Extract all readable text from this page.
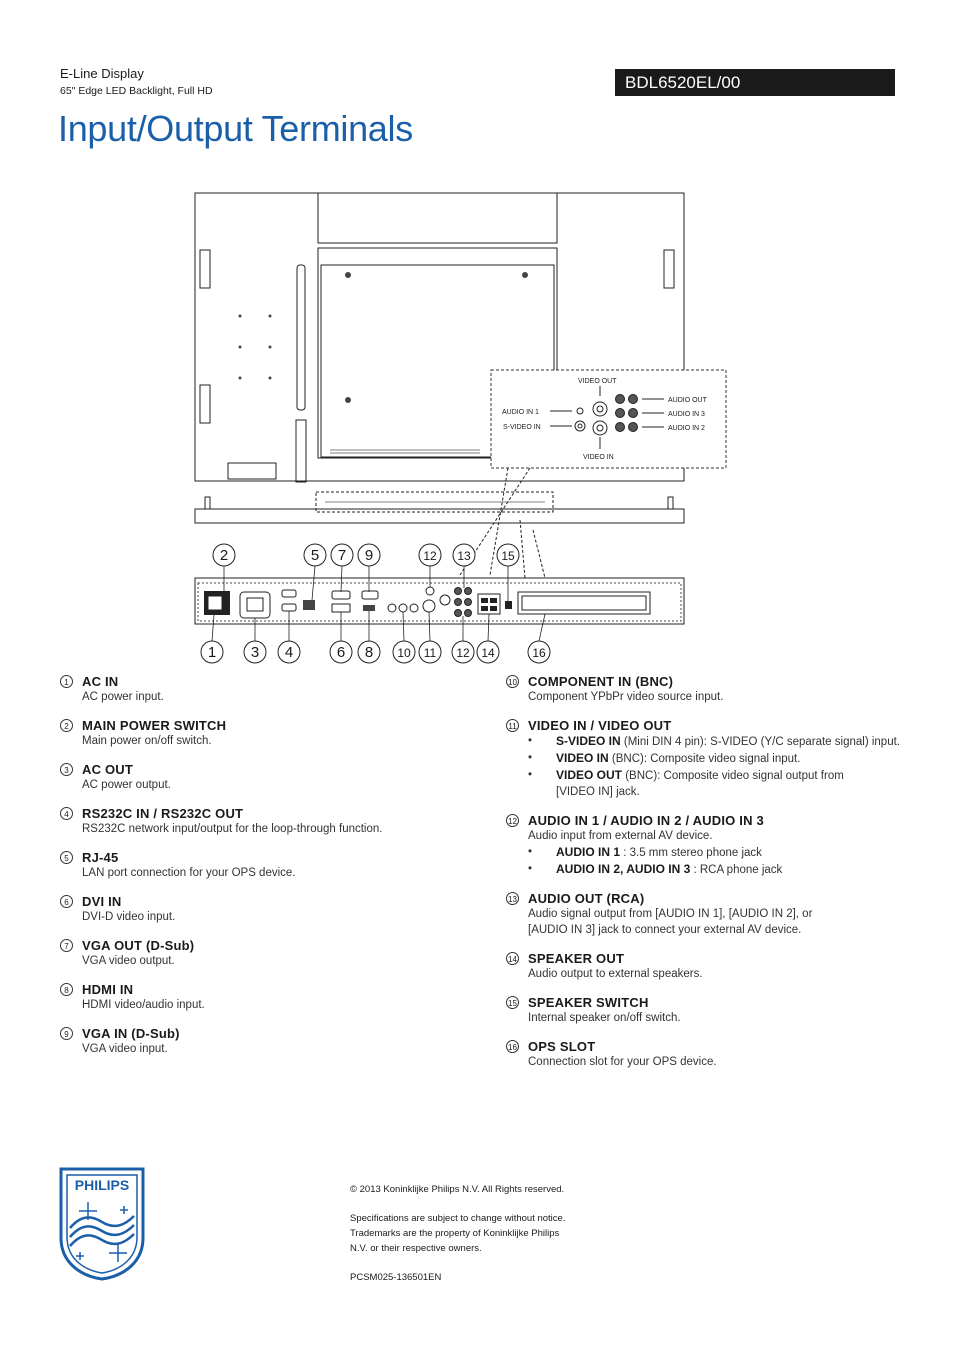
E-Line Display
65" Edge LED Backlight, Full HD	BDL6520EL/00
Input/Output Terminals
VIDEO OUT
VIDEO IN
AUDIO OUT
AUDIO IN 3
AUDIO IN 2
AUDIO IN 1
S-VIDEO IN
2	5 7 9	12 13	15
1 3 4	6 8 10 11 12 14	16
1	AC IN
AC power input.
2	MAIN POWER SWITCH
Main power on/off switch.
3	AC OUT
AC power output.
4	RS232C IN / RS232C OUT
RS232C network input/output for the loop-through function.
5	RJ-45
LAN port connection for your OPS device.
6	DVI IN
DVI-D video input.
7	VGA OUT (D-Sub)
VGA video output.
8	HDMI IN
HDMI video/audio input.
9	VGA IN (D-Sub)
VGA video input.
10 COMPONENT IN (BNC)
Component YPbPr video source input.
11 VIDEO IN / VIDEO OUT
• S-VIDEO IN (Mini DIN 4 pin): S-VIDEO (Y/C separate signal) input.
• VIDEO IN (BNC): Composite video signal input.
• VIDEO OUT (BNC): Composite video signal output from
[VIDEO IN] jack.
12 AUDIO IN 1 / AUDIO IN 2 / AUDIO IN 3
Audio input from external AV device.
• AUDIO IN 1 : 3.5 mm stereo phone jack
• AUDIO IN 2, AUDIO IN 3 : RCA phone jack
13 AUDIO OUT (RCA)
Audio signal output from [AUDIO IN 1], [AUDIO IN 2], or
[AUDIO IN 3] jack to connect your external AV device.
14 SPEAKER OUT
Audio output to external speakers.
15 SPEAKER SWITCH
Internal speaker on/off switch.
16 OPS SLOT
Connection slot for your OPS device.
PHILIPS	© 2013 Koninklijke Philips N.V. All Rights reserved.
Specifications are subject to change without notice.
Trademarks are the property of Koninklijke Philips
N.V. or their respective owners.
PCSM025-136501EN
